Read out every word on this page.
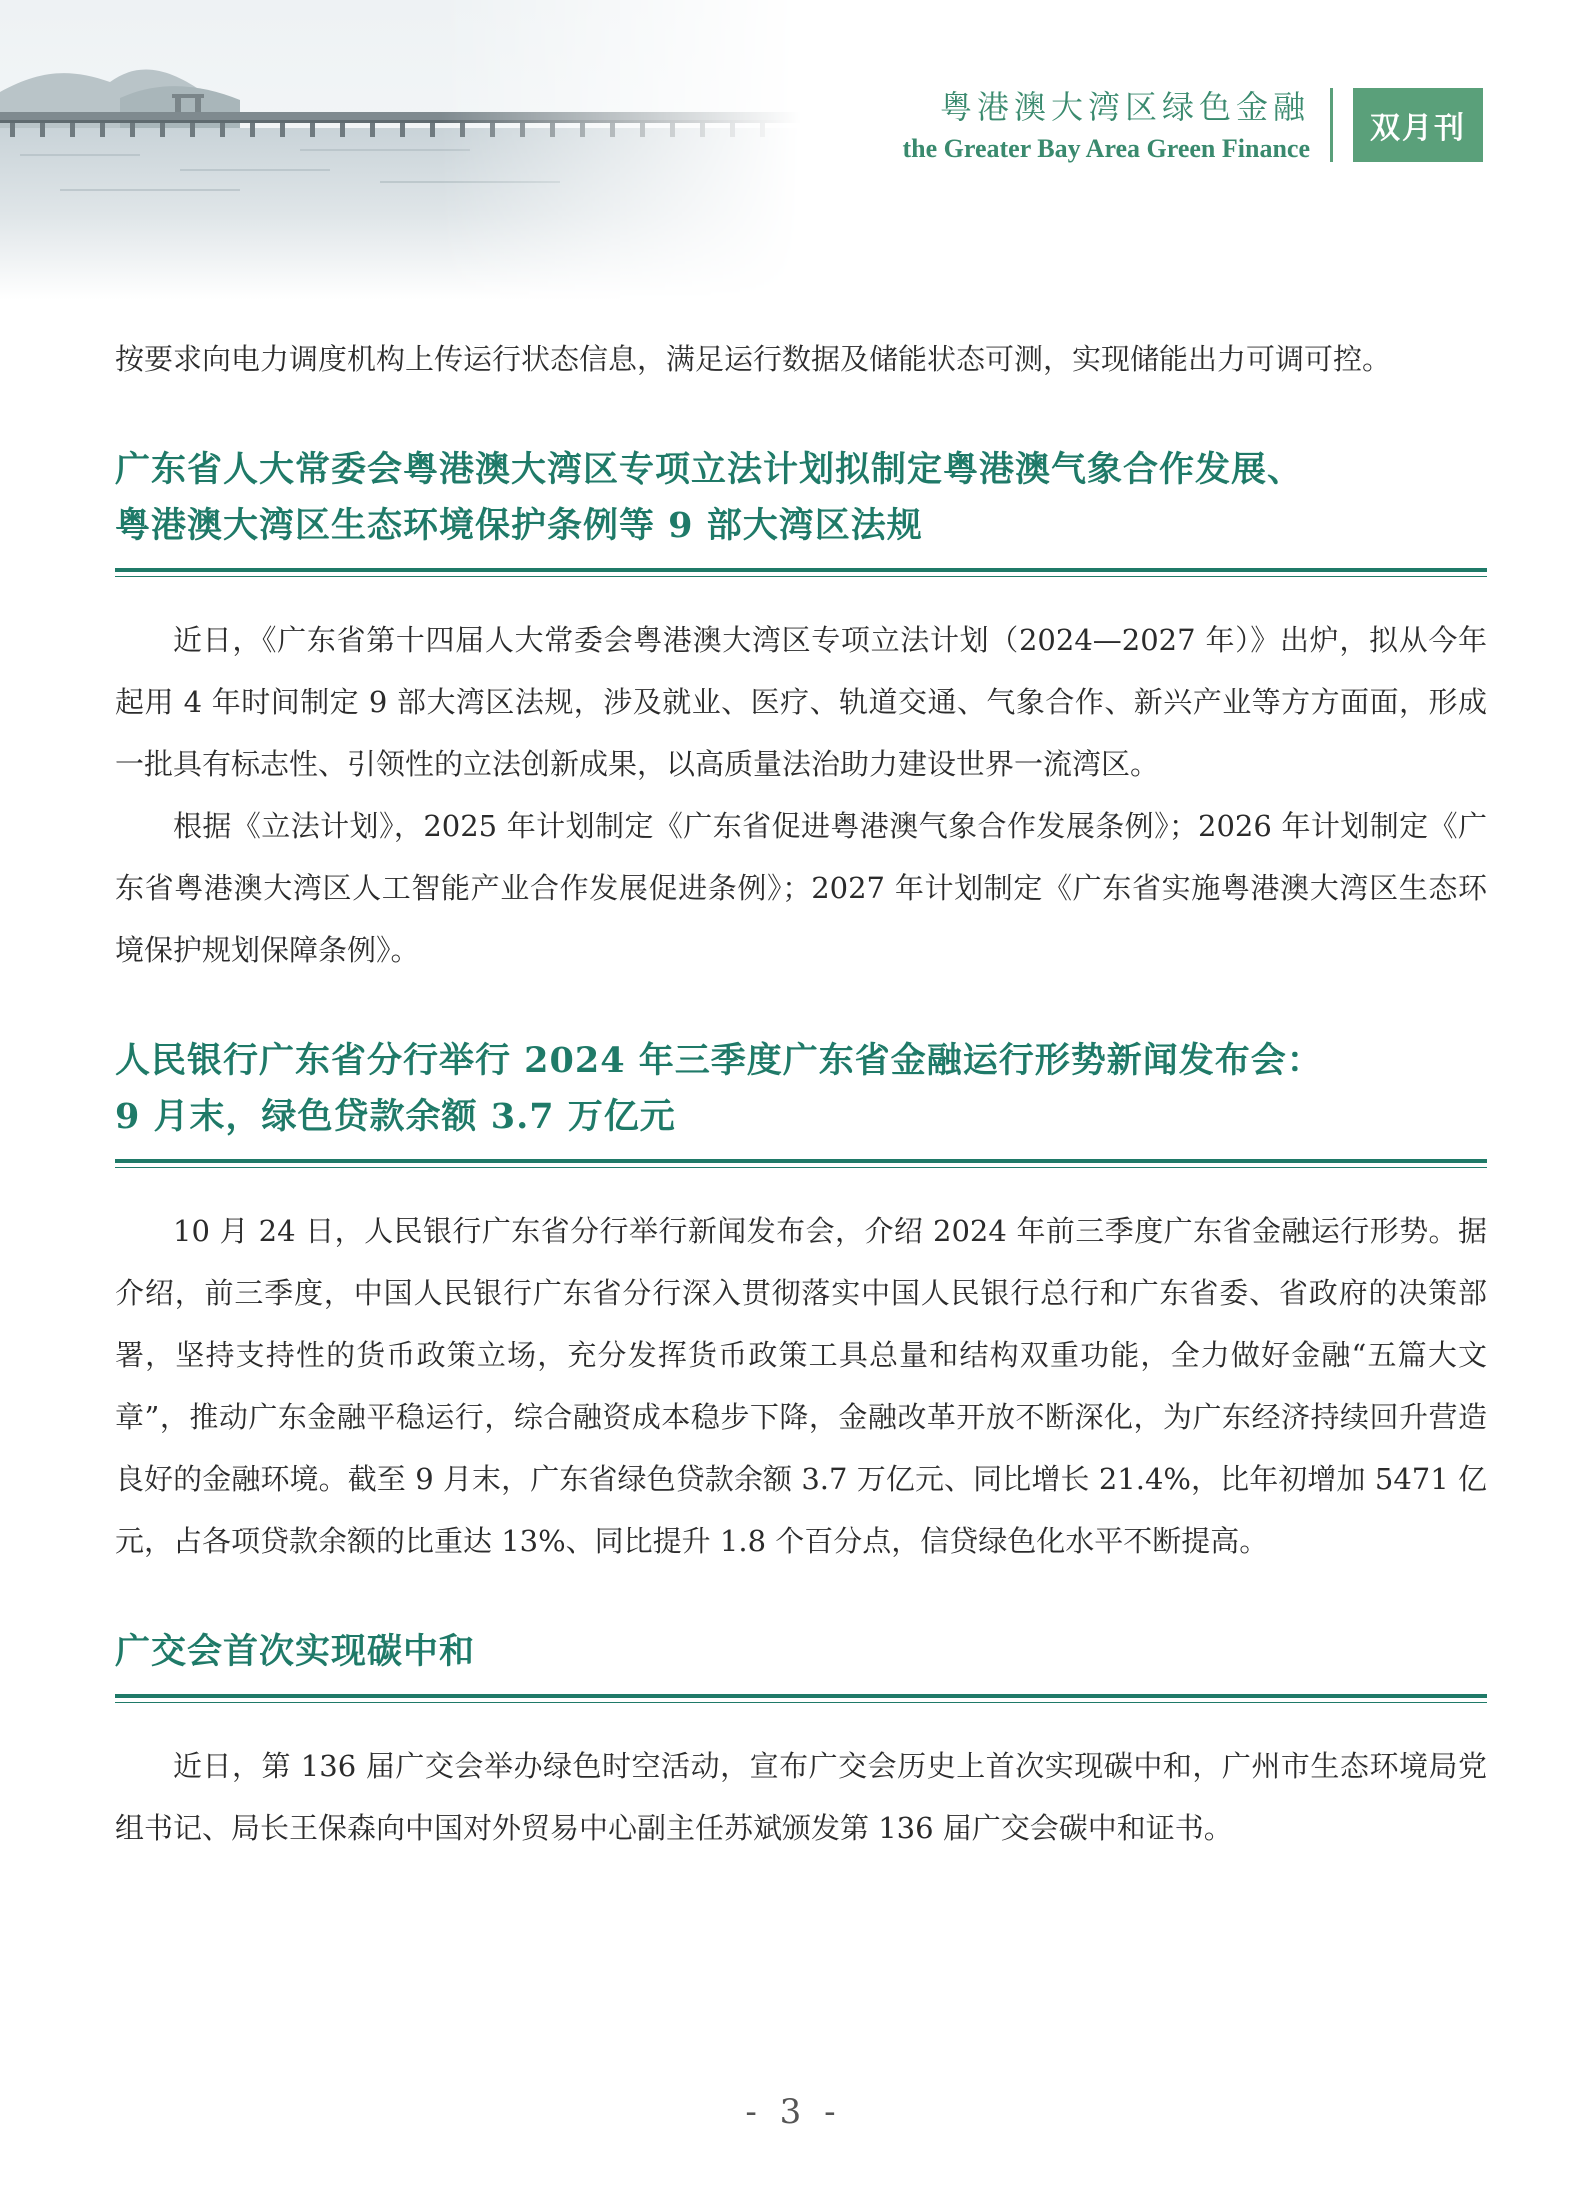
粤港澳大湾区绿色金融
the Greater Bay Area Green Finance
双月刊

按要求向电力调度机构上传运行状态信息，满足运行数据及储能状态可测，实现储能出力可调可控。

广东省人大常委会粤港澳大湾区专项立法计划拟制定粤港澳气象合作发展、
粤港澳大湾区生态环境保护条例等 9 部大湾区法规

近日，《广东省第十四届人大常委会粤港澳大湾区专项立法计划（2024—2027 年）》出炉，拟从今年起用 4 年时间制定 9 部大湾区法规，涉及就业、医疗、轨道交通、气象合作、新兴产业等方方面面，形成一批具有标志性、引领性的立法创新成果，以高质量法治助力建设世界一流湾区。

根据《立法计划》，2025 年计划制定《广东省促进粤港澳气象合作发展条例》；2026 年计划制定《广东省粤港澳大湾区人工智能产业合作发展促进条例》；2027 年计划制定《广东省实施粤港澳大湾区生态环境保护规划保障条例》。

人民银行广东省分行举行 2024 年三季度广东省金融运行形势新闻发布会：
9 月末，绿色贷款余额 3.7 万亿元

10 月 24 日，人民银行广东省分行举行新闻发布会，介绍 2024 年前三季度广东省金融运行形势。据介绍，前三季度，中国人民银行广东省分行深入贯彻落实中国人民银行总行和广东省委、省政府的决策部署，坚持支持性的货币政策立场，充分发挥货币政策工具总量和结构双重功能，全力做好金融“五篇大文章”，推动广东金融平稳运行，综合融资成本稳步下降，金融改革开放不断深化，为广东经济持续回升营造良好的金融环境。截至 9 月末，广东省绿色贷款余额 3.7 万亿元、同比增长 21.4%，比年初增加 5471 亿元，占各项贷款余额的比重达 13%、同比提升 1.8 个百分点，信贷绿色化水平不断提高。

广交会首次实现碳中和

近日，第 136 届广交会举办绿色时空活动，宣布广交会历史上首次实现碳中和，广州市生态环境局党组书记、局长王保森向中国对外贸易中心副主任苏斌颁发第 136 届广交会碳中和证书。

- 3 -
